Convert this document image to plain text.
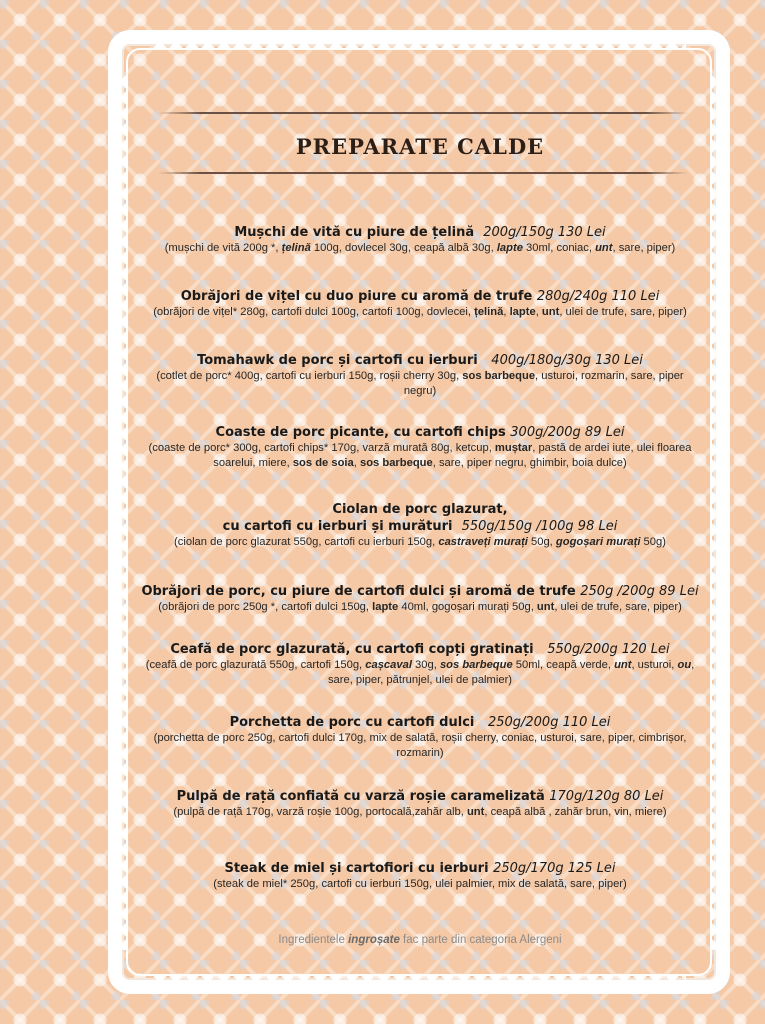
PREPARATE CALDE
Mușchi de vită cu piure de țelină 200g/150g 130 Lei
(mușchi de vită 200g *, țelină 100g, dovlecel 30g, ceapă albă 30g, lapte 30ml, coniac, unt, sare, piper)
Obrăjori de vițel cu duo piure cu aromă de trufe 280g/240g 110 Lei
(obrăjori de vițel* 280g, cartofi dulci 100g, cartofi 100g, dovlecei, țelină, lapte, unt, ulei de trufe, sare, piper)
Tomahawk de porc și cartofi cu ierburi 400g/180g/30g 130 Lei
(cotlet de porc* 400g, cartofi cu ierburi 150g, roșii cherry 30g, sos barbeque, usturoi, rozmarin, sare, piper negru)
Coaste de porc picante, cu cartofi chips 300g/200g 89 Lei
(coaste de porc* 300g, cartofi chips* 170g, varză murată 80g, ketcup, muștar, pastă de ardei iute, ulei floarea soarelui, miere, sos de soia, sos barbeque, sare, piper negru, ghimbir, boia dulce)
Ciolan de porc glazurat,
cu cartofi cu ierburi și murături 550g/150g /100g 98 Lei
(ciolan de porc glazurat 550g, cartofi cu ierburi 150g, castraveți murați 50g, gogoșari murați 50g)
Obrăjori de porc, cu piure de cartofi dulci și aromă de trufe 250g /200g 89 Lei
(obrăjori de porc 250g *, cartofi dulci 150g, lapte 40ml, gogoșari murați 50g, unt, ulei de trufe, sare, piper)
Ceafă de porc glazurată, cu cartofi copți gratinați 550g/200g 120 Lei
(ceafă de porc glazurată 550g, cartofi 150g, cașcaval 30g, sos barbeque 50ml, ceapă verde, unt, usturoi, ou, sare, piper, pătrunjel, ulei de palmier)
Porchetta de porc cu cartofi dulci 250g/200g 110 Lei
(porchetta de porc 250g, cartofi dulci 170g, mix de salată, roșii cherry, coniac, usturoi, sare, piper, cimbrișor, rozmarin)
Pulpă de rață confiată cu varză roșie caramelizată 170g/120g 80 Lei
(pulpă de rață 170g, varză roșie 100g, portocală,zahăr alb, unt, ceapă albă , zahăr brun, vin, miere)
Steak de miel și cartofiori cu ierburi 250g/170g 125 Lei
(steak de miel* 250g, cartofi cu ierburi 150g, ulei palmier, mix de salată, sare, piper)
Ingredientele ingroșate fac parte din categoria Alergeni
